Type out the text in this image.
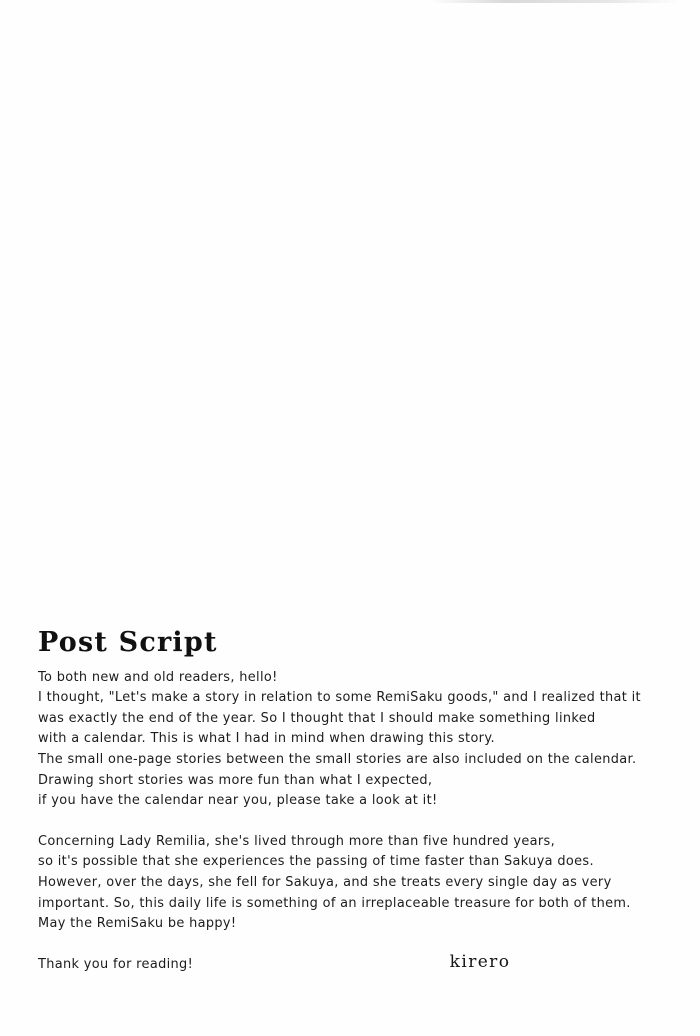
Post Script

To both new and old readers, hello!

I thought, "Let's make a story in relation to some RemiSaku goods," and I realized that it

was exactly the end of the year. So I thought that I should make something linked

with a calendar. This is what I had in mind when drawing this story.

The small one-page stories between the small stories are also included on the calendar.

Drawing short stories was more fun than what I expected,

if you have the calendar near you, please take a look at it!

Concerning Lady Remilia, she's lived through more than five hundred years,

so it's possible that she experiences the passing of time faster than Sakuya does.

However, over the days, she fell for Sakuya, and she treats every single day as very

important. So, this daily life is something of an irreplaceable treasure for both of them.

May the RemiSaku be happy!

Thank you for reading!	kirero
